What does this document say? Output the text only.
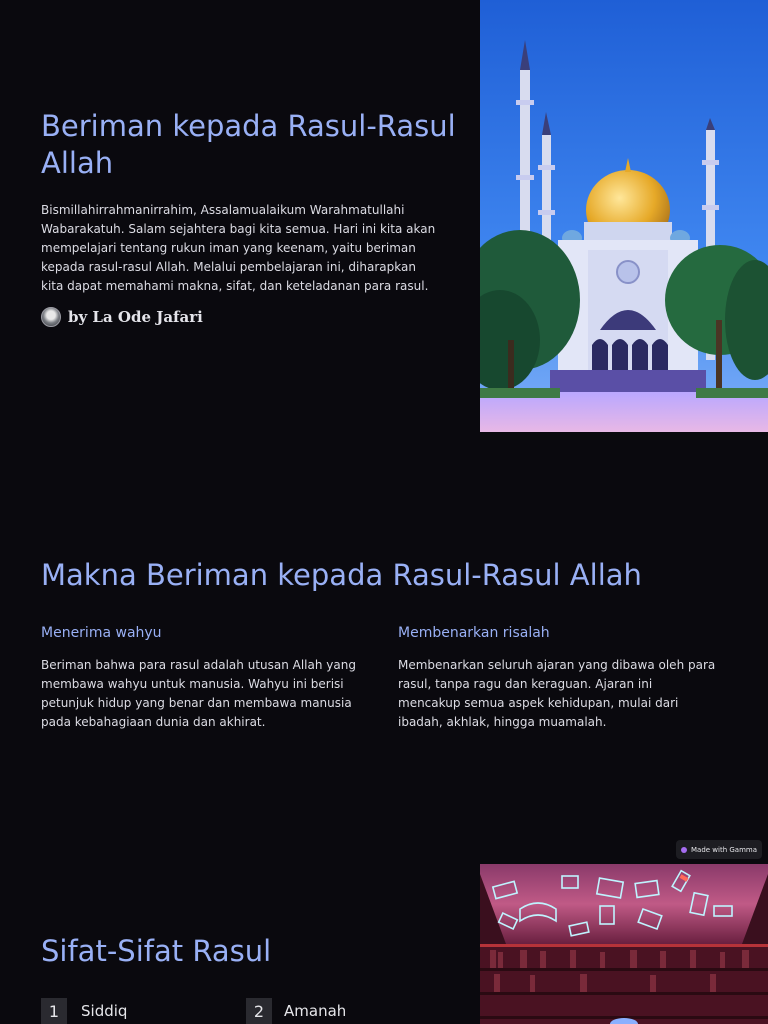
Beriman kepada Rasul-Rasul Allah

Bismillahirrahmanirrahim, Assalamualaikum Warahmatullahi Wabarakatuh. Salam sejahtera bagi kita semua. Hari ini kita akan mempelajari tentang rukun iman yang keenam, yaitu beriman kepada rasul-rasul Allah. Melalui pembelajaran ini, diharapkan kita dapat memahami makna, sifat, dan keteladanan para rasul.

by La Ode Jafari
Makna Beriman kepada Rasul-Rasul Allah
Menerima wahyu

Beriman bahwa para rasul adalah utusan Allah yang membawa wahyu untuk manusia. Wahyu ini berisi petunjuk hidup yang benar dan membawa manusia pada kebahagiaan dunia dan akhirat.

Membenarkan risalah

Membenarkan seluruh ajaran yang dibawa oleh para rasul, tanpa ragu dan keraguan. Ajaran ini mencakup semua aspek kehidupan, mulai dari ibadah, akhlak, hingga muamalah.

Made with Gamma
Sifat-Sifat Rasul
1	Siddiq	2	Amanah
